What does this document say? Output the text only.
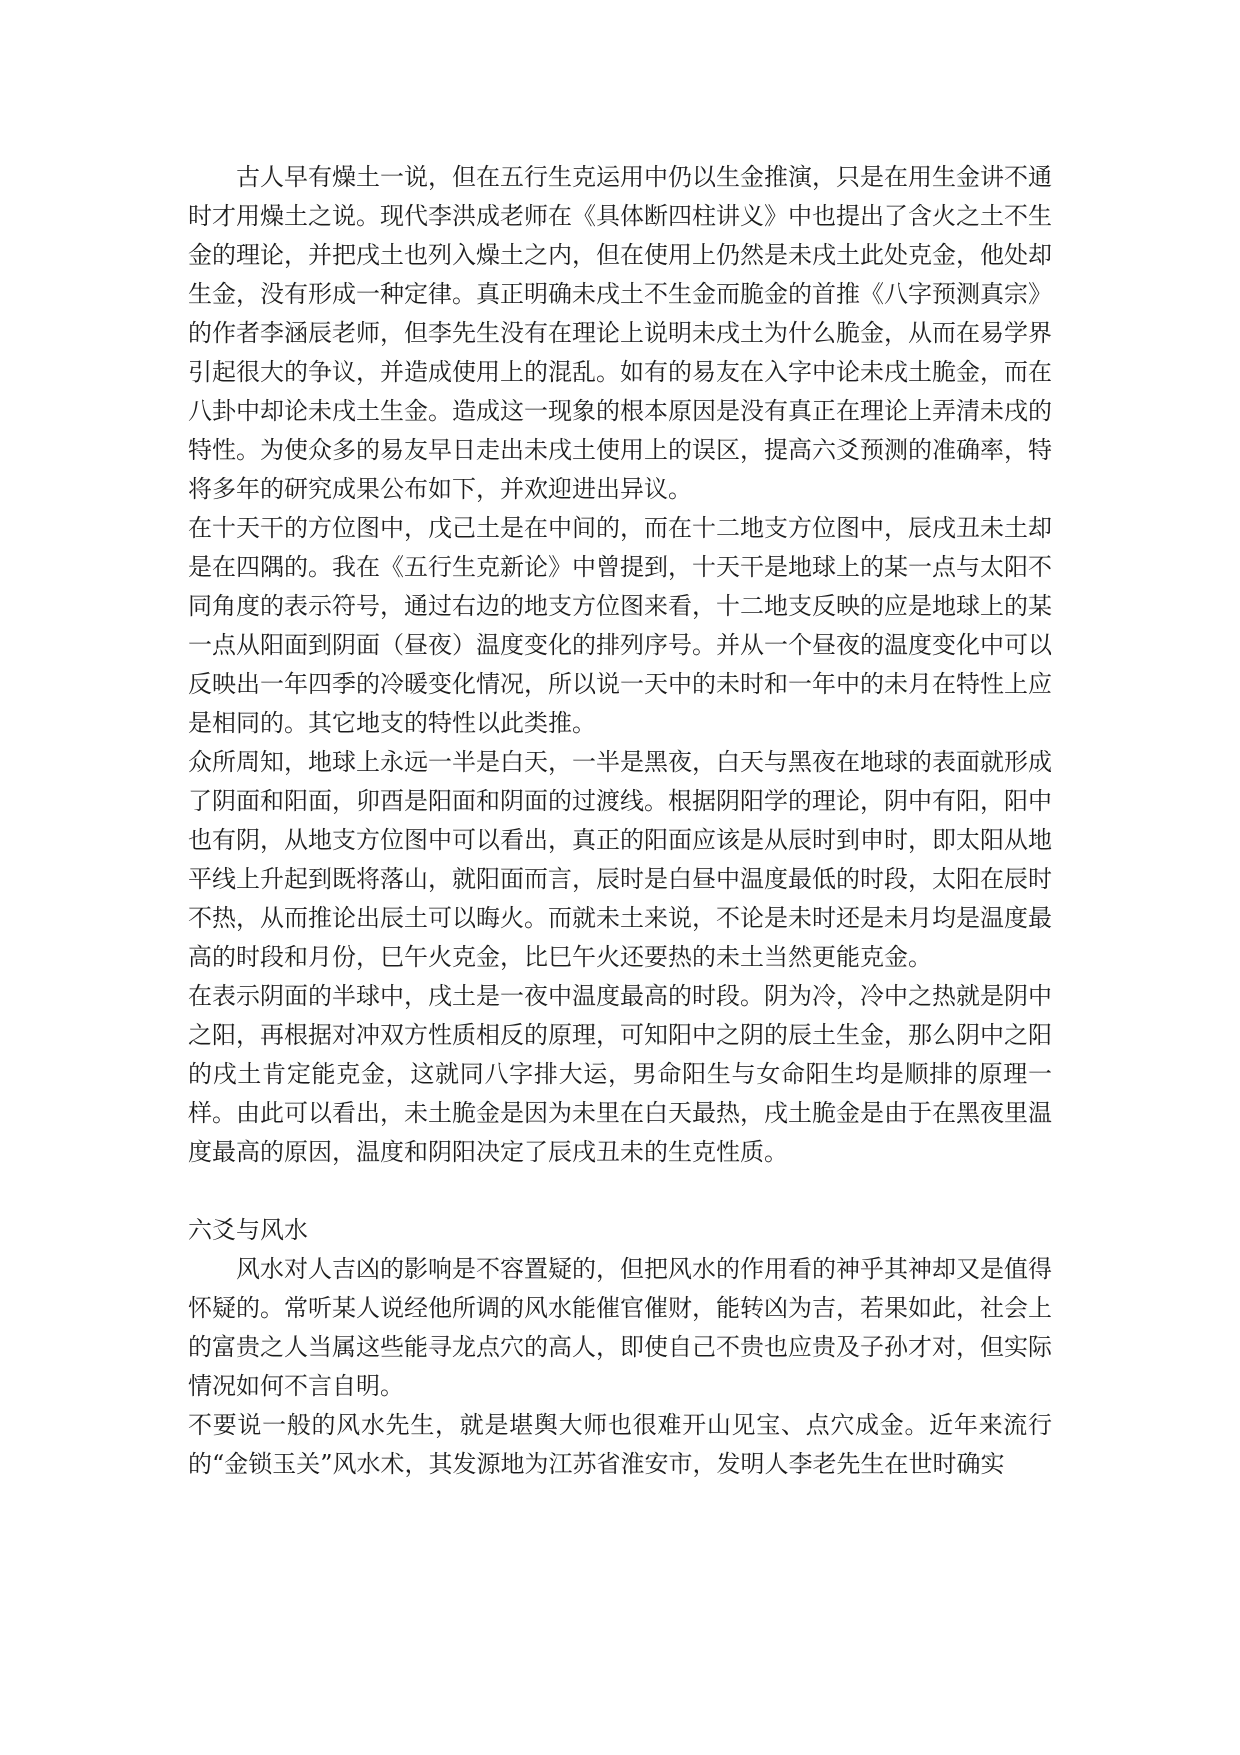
古人早有燥土一说，但在五行生克运用中仍以生金推演，只是在用生金讲不通时才用燥土之说。现代李洪成老师在《具体断四柱讲义》中也提出了含火之土不生金的理论，并把戌土也列入燥土之内，但在使用上仍然是未戌土此处克金，他处却生金，没有形成一种定律。真正明确未戌土不生金而脆金的首推《八字预测真宗》的作者李涵辰老师，但李先生没有在理论上说明未戌土为什么脆金，从而在易学界引起很大的争议，并造成使用上的混乱。如有的易友在入字中论未戌土脆金，而在八卦中却论未戌土生金。造成这一现象的根本原因是没有真正在理论上弄清未戌的特性。为使众多的易友早日走出未戌土使用上的误区，提高六爻预测的准确率，特将多年的研究成果公布如下，并欢迎进出异议。

在十天干的方位图中，戊己土是在中间的，而在十二地支方位图中，辰戌丑未土却是在四隅的。我在《五行生克新论》中曾提到，十天干是地球上的某一点与太阳不同角度的表示符号，通过右边的地支方位图来看，十二地支反映的应是地球上的某一点从阳面到阴面（昼夜）温度变化的排列序号。并从一个昼夜的温度变化中可以反映出一年四季的冷暖变化情况，所以说一天中的未时和一年中的未月在特性上应是相同的。其它地支的特性以此类推。

众所周知，地球上永远一半是白天，一半是黑夜，白天与黑夜在地球的表面就形成了阴面和阳面，卯酉是阳面和阴面的过渡线。根据阴阳学的理论，阴中有阳，阳中也有阴，从地支方位图中可以看出，真正的阳面应该是从辰时到申时，即太阳从地平线上升起到既将落山，就阳面而言，辰时是白昼中温度最低的时段，太阳在辰时不热，从而推论出辰土可以晦火。而就未土来说，不论是未时还是未月均是温度最高的时段和月份，巳午火克金，比巳午火还要热的未土当然更能克金。

在表示阴面的半球中，戌土是一夜中温度最高的时段。阴为冷，冷中之热就是阴中之阳，再根据对冲双方性质相反的原理，可知阳中之阴的辰土生金，那么阴中之阳的戌土肯定能克金，这就同八字排大运，男命阳生与女命阳生均是顺排的原理一样。由此可以看出，未土脆金是因为未里在白天最热，戌土脆金是由于在黑夜里温度最高的原因，温度和阴阳决定了辰戌丑未的生克性质。

六爻与风水

风水对人吉凶的影响是不容置疑的，但把风水的作用看的神乎其神却又是值得怀疑的。常听某人说经他所调的风水能催官催财，能转凶为吉，若果如此，社会上的富贵之人当属这些能寻龙点穴的高人，即使自己不贵也应贵及子孙才对，但实际情况如何不言自明。

不要说一般的风水先生，就是堪舆大师也很难开山见宝、点穴成金。近年来流行的“金锁玉关”风水术，其发源地为江苏省淮安市，发明人李老先生在世时确实
